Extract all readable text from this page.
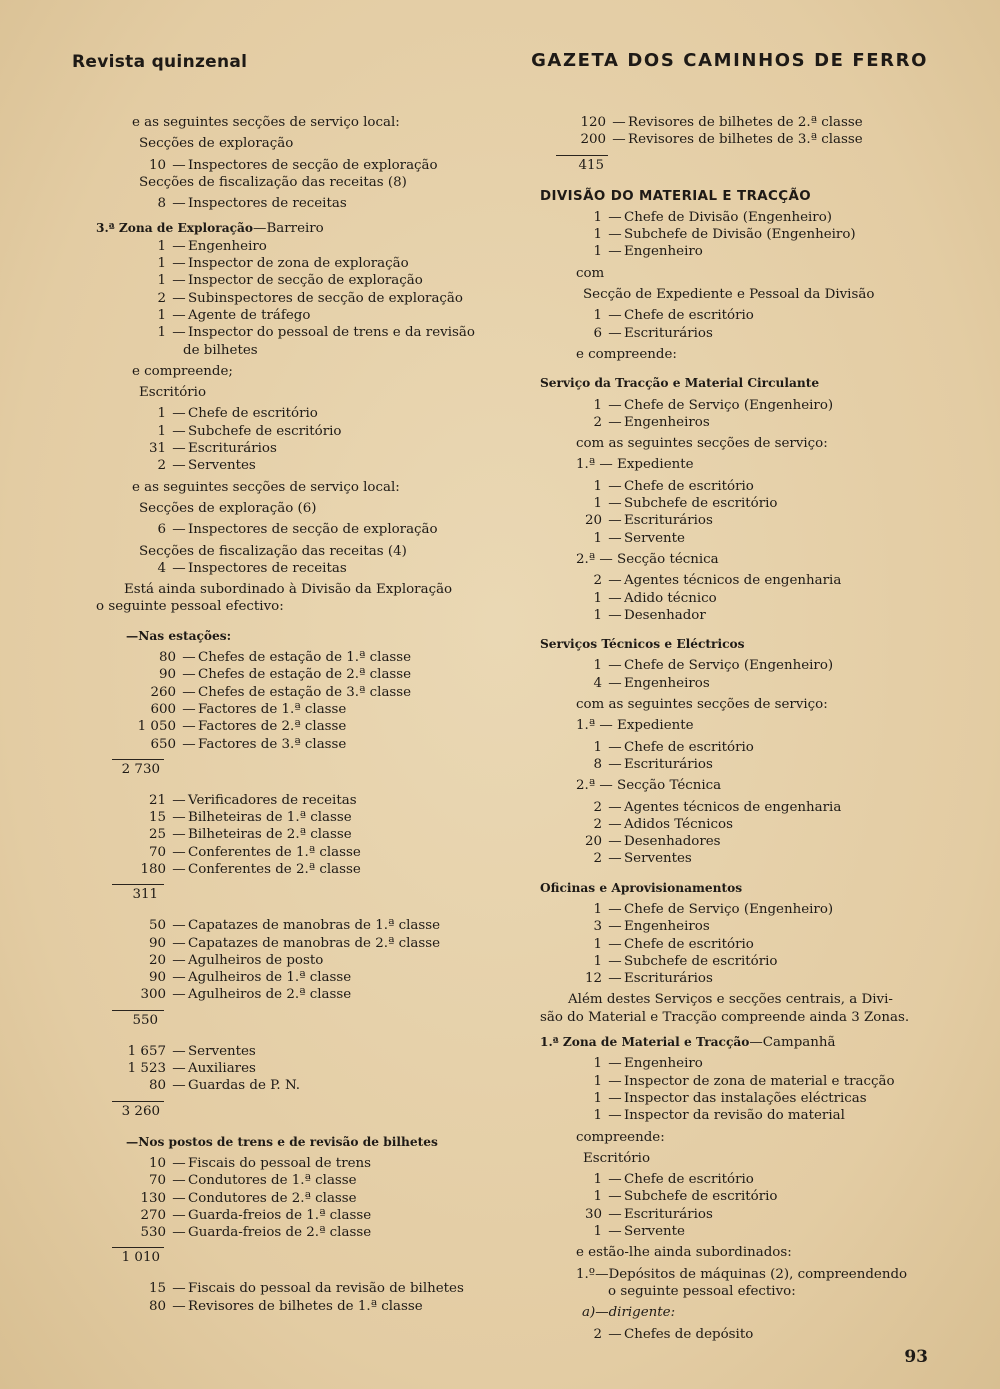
Revista quinzenal	GAZETA DOS CAMINHOS DE FERRO
e as seguintes secções de serviço local:
Secções de exploração
10 — Inspectores de secção de exploração
Secções de fiscalização das receitas (8)
8 — Inspectores de receitas
3.ª Zona de Exploração—Barreiro
1 — Engenheiro
1 — Inspector de zona de exploração
1 — Inspector de secção de exploração
2 — Subinspectores de secção de exploração
1 — Agente de tráfego
1 — Inspector do pessoal de trens e da revisão
de bilhetes
e compreende;
Escritório
1 — Chefe de escritório
1 — Subchefe de escritório
31 — Escriturários
2 — Serventes
e as seguintes secções de serviço local:
Secções de exploração (6)
6 — Inspectores de secção de exploração
Secções de fiscalização das receitas (4)
4 — Inspectores de receitas
Está ainda subordinado à Divisão da Exploração
o seguinte pessoal efectivo:
—Nas estações:
80 — Chefes de estação de 1.ª classe
90 — Chefes de estação de 2.ª classe
260 — Chefes de estação de 3.ª classe
600 — Factores de 1.ª classe
1 050 — Factores de 2.ª classe
650 — Factores de 3.ª classe
2 730
21 — Verificadores de receitas
15 — Bilheteiras de 1.ª classe
25 — Bilheteiras de 2.ª classe
70 — Conferentes de 1.ª classe
180 — Conferentes de 2.ª classe
311
50 — Capatazes de manobras de 1.ª classe
90 — Capatazes de manobras de 2.ª classe
20 — Agulheiros de posto
90 — Agulheiros de 1.ª classe
300 — Agulheiros de 2.ª classe
550
1 657 — Serventes
1 523 — Auxiliares
80 — Guardas de P. N.
3 260
—Nos postos de trens e de revisão de bilhetes
10 — Fiscais do pessoal de trens
70 — Condutores de 1.ª classe
130 — Condutores de 2.ª classe
270 — Guarda-freios de 1.ª classe
530 — Guarda-freios de 2.ª classe
1 010
15 — Fiscais do pessoal da revisão de bilhetes
80 — Revisores de bilhetes de 1.ª classe
120 — Revisores de bilhetes de 2.ª classe
200 — Revisores de bilhetes de 3.ª classe
415
DIVISÃO DO MATERIAL E TRACÇÃO
1 — Chefe de Divisão (Engenheiro)
1 — Subchefe de Divisão (Engenheiro)
1 — Engenheiro
com
Secção de Expediente e Pessoal da Divisão
1 — Chefe de escritório
6 — Escriturários
e compreende:
Serviço da Tracção e Material Circulante
1 — Chefe de Serviço (Engenheiro)
2 — Engenheiros
com as seguintes secções de serviço:
1.ª — Expediente
1 — Chefe de escritório
1 — Subchefe de escritório
20 — Escriturários
1 — Servente
2.ª — Secção técnica
2 — Agentes técnicos de engenharia
1 — Adido técnico
1 — Desenhador
Serviços Técnicos e Eléctricos
1 — Chefe de Serviço (Engenheiro)
4 — Engenheiros
com as seguintes secções de serviço:
1.ª — Expediente
1 — Chefe de escritório
8 — Escriturários
2.ª — Secção Técnica
2 — Agentes técnicos de engenharia
2 — Adidos Técnicos
20 — Desenhadores
2 — Serventes
Oficinas e Aprovisionamentos
1 — Chefe de Serviço (Engenheiro)
3 — Engenheiros
1 — Chefe de escritório
1 — Subchefe de escritório
12 — Escriturários
Além destes Serviços e secções centrais, a Divi-
são do Material e Tracção compreende ainda 3 Zonas.
1.ª Zona de Material e Tracção—Campanhã
1 — Engenheiro
1 — Inspector de zona de material e tracção
1 — Inspector das instalações eléctricas
1 — Inspector da revisão do material
compreende:
Escritório
1 — Chefe de escritório
1 — Subchefe de escritório
30 — Escriturários
1 — Servente
e estão-lhe ainda subordinados:
1.º—Depósitos de máquinas (2), compreendendo
o seguinte pessoal efectivo:
a)—dirigente:
2 — Chefes de depósito
93
